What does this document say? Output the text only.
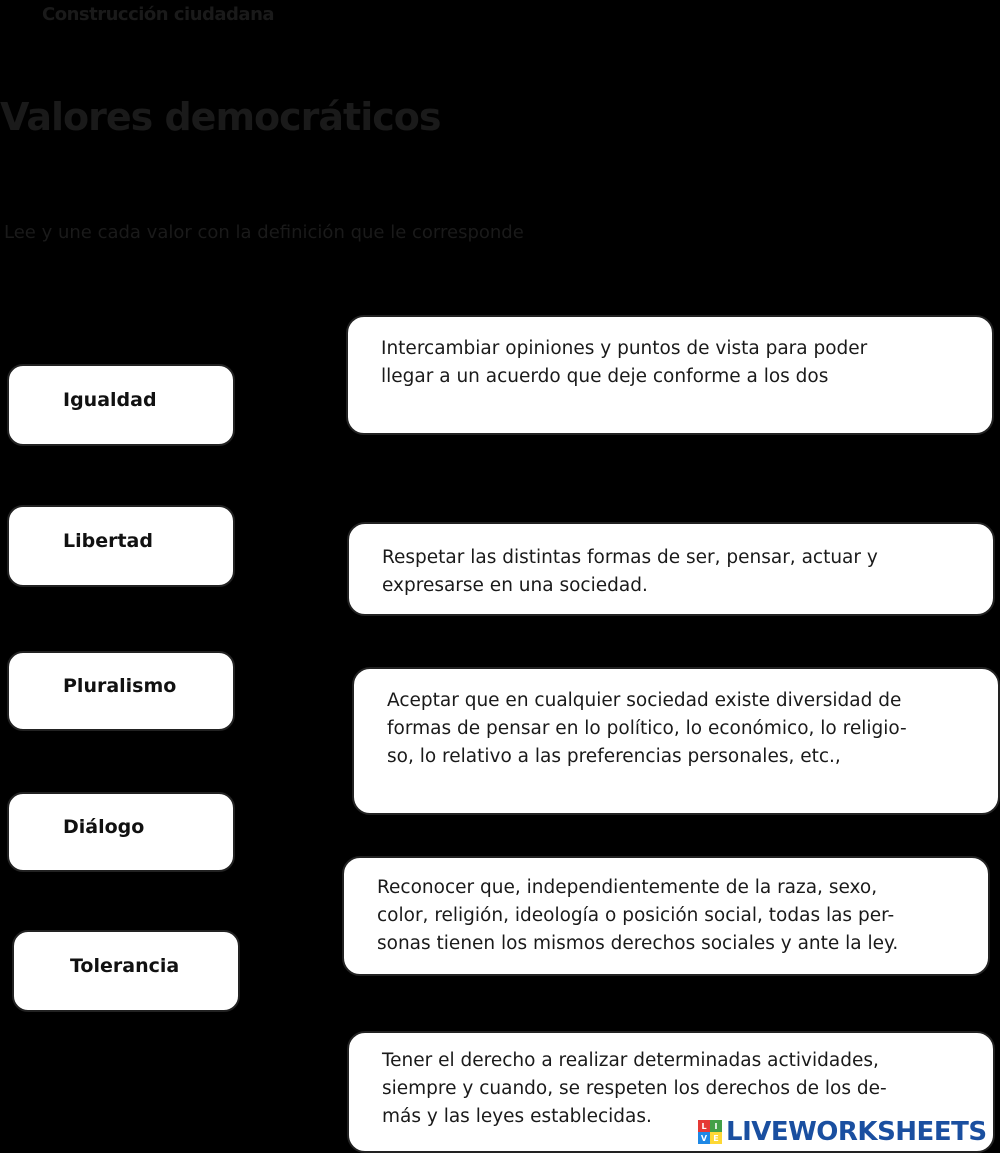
Construcción ciudadana
Valores democráticos
Lee y une cada valor con la definición que le corresponde
Igualdad
Libertad
Pluralismo
Diálogo
Tolerancia
Intercambiar opiniones y puntos de vista para poder
llegar a un acuerdo que deje conforme a los dos
Respetar las distintas formas de ser, pensar, actuar y
expresarse en una sociedad.
Aceptar que en cualquier sociedad existe diversidad de
formas de pensar en lo político, lo económico, lo religio-
so, lo relativo a las preferencias personales, etc.,
Reconocer que, independientemente de la raza, sexo,
color, religión, ideología o posición social, todas las per-
sonas tienen los mismos derechos sociales y ante la ley.
Tener el derecho a realizar determinadas actividades,
siempre y cuando, se respeten los derechos de los de-
más y las leyes establecidas.	L I
V E LIVEWORKSHEETS
